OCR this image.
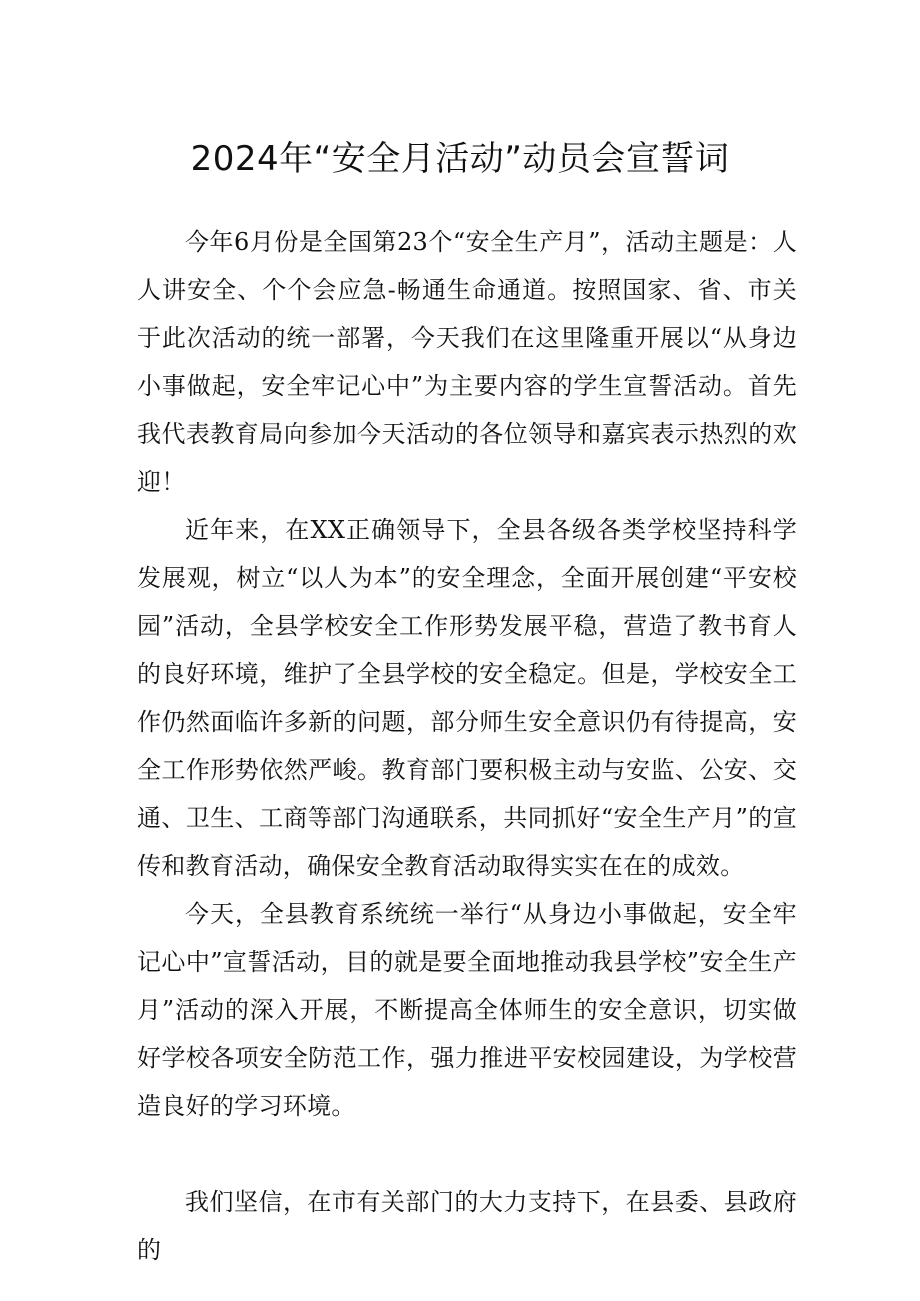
2024年“安全月活动”动员会宣誓词

今年6月份是全国第23个“安全生产月”，活动主题是：人人讲安全、个个会应急-畅通生命通道。按照国家、省、市关于此次活动的统一部署，今天我们在这里隆重开展以“从身边小事做起，安全牢记心中”为主要内容的学生宣誓活动。首先我代表教育局向参加今天活动的各位领导和嘉宾表示热烈的欢迎！

近年来，在XX正确领导下，全县各级各类学校坚持科学发展观，树立“以人为本”的安全理念，全面开展创建“平安校园”活动，全县学校安全工作形势发展平稳，营造了教书育人的良好环境，维护了全县学校的安全稳定。但是，学校安全工作仍然面临许多新的问题，部分师生安全意识仍有待提高，安全工作形势依然严峻。教育部门要积极主动与安监、公安、交通、卫生、工商等部门沟通联系，共同抓好“安全生产月”的宣传和教育活动，确保安全教育活动取得实实在在的成效。

今天，全县教育系统统一举行“从身边小事做起，安全牢记心中”宣誓活动，目的就是要全面地推动我县学校”安全生产月”活动的深入开展，不断提高全体师生的安全意识，切实做好学校各项安全防范工作，强力推进平安校园建设，为学校营造良好的学习环境。

我们坚信，在市有关部门的大力支持下，在县委、县政府的
